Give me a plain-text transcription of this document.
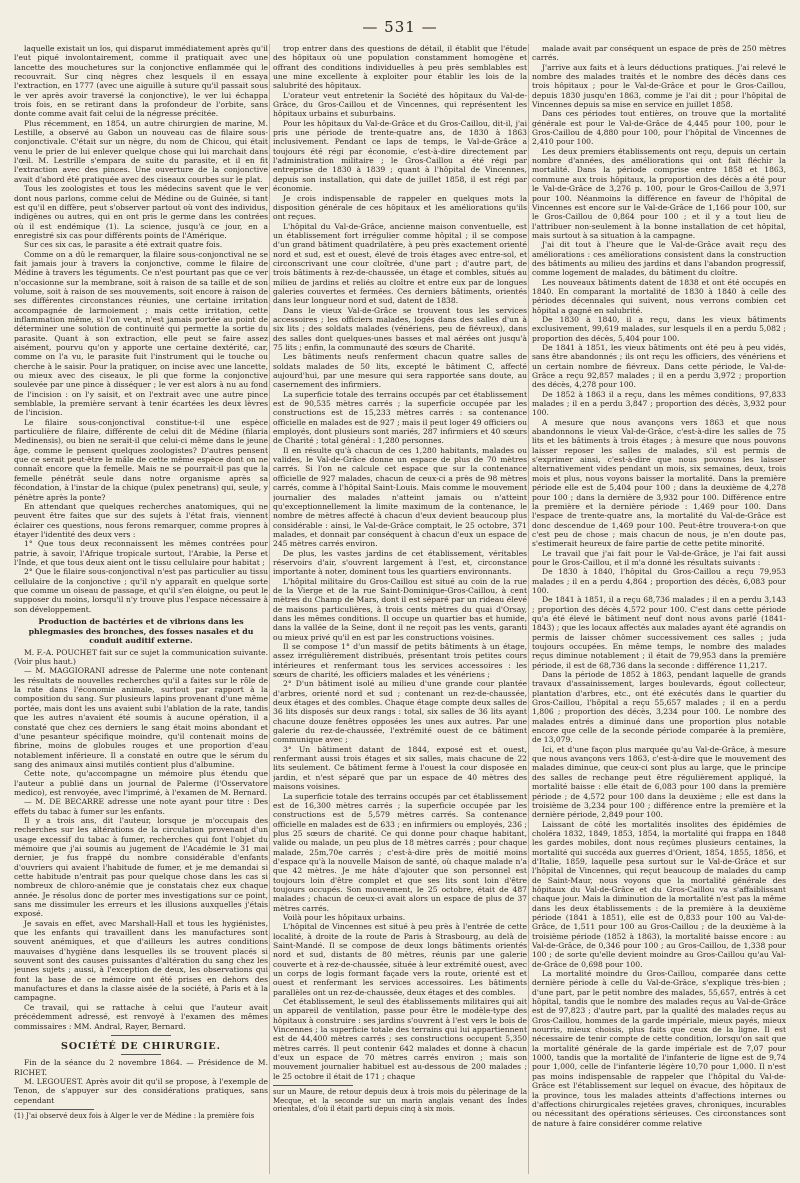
— 531 —

laquelle existait un ïos, qui disparut immédiatement après qu'il l'eut piqué involontairement, comme il pratiquait avec une lancette des mouchetures sur la conjonctive enflammée qui le recouvrait. Sur cinq nègres chez lesquels il en essaya l'extraction, en 1777 (avec une aiguille à suture qu'il passait sous le ver après avoir traversé la conjonctive), le ver lui échappa trois fois, en se retirant dans la profondeur de l'orbite, sans donte comme avait fait celui de la négresse précitée.

Plus récemment, en 1854, un autre chirurgien de marine, M. Lestille, a observé au Gabon un nouveau cas de filaire sous-conjonctivale. C'était sur un nègre, du nom de Chicou, qui était venu le prier de lui enlever quelque chose qui lui marchait dans l'œil. M. Lestrille s'empara de suite du parasite, et il en fit l'extraction avec des pinces. Une ouverture de la conjonctive avait d'abord été pratiquée avec des ciseaux courbes sur le plat.

Tous les zoologistes et tous les médecins savent que le ver dont nous parlons, comme celui de Médine ou de Guinée, si tant est qu'il en diffère, peut s'observer partout où vont des individus, indigènes ou autres, qui en ont pris le germe dans les contrées où il est endémique (1). La science, jusqu'à ce jour, en a enregistré six cas pour différents points de l'Amérique.

Sur ces six cas, le parasite a été extrait quatre fois.

Comme on a dû le remarquer, la filaire sous-conjonctival ne se fait jamais jour à travers la conjonctive, comme le filaire de Médine à travers les téguments. Ce n'est pourtant pas que ce ver n'occasionne sur la membrane, soit à raison de sa taille et de son volume, soit à raison de ses mouvements, soit encore à raison de ses différentes circonstances réunies, une certaine irritation accompagnée de larmoiement ; mais cette irritation, cette inflammation même, si l'on veut, n'est jamais portée au point de déterminer une solution de continuité qui permette la sortie du parasite. Quant à son extraction, elle peut se faire assez aisément, pourvu qu'on y apporte une certaine dextérité, car, comme on l'a vu, le parasite fuit l'instrument qui le touche ou cherche à le saisir. Pour la pratiquer, on incise avec une lancette, ou mieux avec des ciseaux, le pli que forme la conjonctive soulevée par une pince à disséquer ; le ver est alors à nu au fond de l'incision : on l'y saisit, et on l'extrait avec une autre pince semblable, la première servant à tenir écartées les deux lèvres de l'incision.

Le filaire sous-conjonctival constitue-t-il une espèce particulière de filaire, différente de celui dit de Médine (filaria Medinensis), ou bien ne serait-il que celui-ci même dans le jeune âge, comme le pensent quelques zoologistes? D'autres pensent que ce serait peut-être le mâle de cette même espèce dont on ne connaît encore que la femelle. Mais ne se pourrait-il pas que la femelle pénétrât seule dans notre organisme après sa fécondation, à l'instar de la chique (pulex penetrans) qui, seule, y pénètre après la ponte?

En attendant que quelques recherches anatomiques, qui ne peuvent être faites que sur des sujets à l'état frais, viennent éclairer ces questions, nous ferons remarquer, comme propres à étayer l'identité des deux vers :

1° Que tous deux reconnaissent les mêmes contrées pour patrie, à savoir, l'Afrique tropicale surtout, l'Arabie, la Perse et l'Inde, et que tous deux aient ont le tissu cellulaire pour habitat ;

2° Que le filaire sous-conjonctival n'est pas particulier au tissu cellulaire de la conjonctive ; qu'il n'y apparaît en quelque sorte que comme un oiseau de passage, et qu'il s'en éloigne, ou peut le supposer du moins, lorsqu'il n'y trouve plus l'espace nécessaire à son développement.

Production de bactéries et de vibrions dans les phlegmasies des bronches, des fosses nasales et du conduit auditif externe.

M. F.-A. POUCHET fait sur ce sujet la communication suivante. (Voir plus haut.)

— M. MAGGIORANI adresse de Palerme une note contenant les résultats de nouvelles recherches qu'il a faites sur le rôle de la rate dans l'économie animale, surtout par rapport à la composition du sang. Sur plusieurs lapins provenant d'une même portée, mais dont les uns avaient subi l'ablation de la rate, tandis que les autres n'avaient été soumis à aucune opération, il a constaté que chez ces derniers le sang était moins abondant et d'une pesanteur spécifique moindre, qu'il contenait moins de fibrine, moins de globules rouges et une proportion d'eau notablement inférieure. Il a constaté en outre que le sérum du sang des animaux ainsi mutilés contient plus d'albumine.

Cette note, qu'accompagne un mémoire plus étendu que l'auteur a publié dans un journal de Palerme (l'Osservatore medico), est renvoyée, avec l'imprimé, à l'examen de M. Bernard.

— M. DE BECARRE adresse une note ayant pour titre : Des effets du tabac à fumer sur les enfants.

Il y a trois ans, dit l'auteur, lorsque je m'occupais des recherches sur les altérations de la circulation provenant d'un usage excessif du tabac à fumer, recherches qui font l'objet du mémoire que j'ai soumis au jugement de l'Académie le 31 mai dernier, je fus frappé du nombre considérable d'enfants d'ouvriers qui avaient l'habitude de fumer, et je me demandai si cette habitude n'entrait pas pour quelque chose dans les cas si nombreux de chloro-anémie que je constatais chez eux chaque année. Je résolus donc de porter mes investigations sur ce point, sans me dissimuler les erreurs et les illusions auxquelles j'étais exposé.

Je savais en effet, avec Marshall-Hall et tous les hygiénistes, que les enfants qui travaillent dans les manufactures sont souvent anémiques, et que d'ailleurs les autres conditions mauvaises d'hygiène dans lesquelles ils se trouvent placés si souvent sont des causes puissantes d'altération du sang chez les jeunes sujets ; aussi, à l'exception de deux, les observations qui font la base de ce mémoire ont été prises en dehors des manufactures et dans la classe aisée de la société, à Paris et à la campagne.

Ce travail, qui se rattache à celui que l'auteur avait précédemment adressé, est renvoyé à l'examen des mêmes commissaires : MM. Andral, Rayer, Bernard.

SOCIÉTÉ DE CHIRURGIE.

Fin de la séance du 2 novembre 1864. — Présidence de M. RICHET.

M. LEGOUEST. Après avoir dit qu'il se propose, à l'exemple de Tenon, de s'appuyer sur des considérations pratiques, sans cependant

(1) J'ai observé deux fois à Alger le ver de Médine : la première fois

trop entrer dans des questions de détail, il établit que l'étude des hôpitaux où une population constamment homogène et offrant des conditions individuelles à peu près semblables est une mine excellente à exploiter pour établir les lois de la salubrité des hôpitaux.

L'orateur veut entretenir la Société des hôpitaux du Val-de-Grâce, du Gros-Caillou et de Vincennes, qui représentent les hôpitaux urbains et suburbains.

Pour les hôpitaux du Val-de-Grâce et du Gros-Caillou, dit-il, j'ai pris une période de trente-quatre ans, de 1830 à 1863 inclusivement. Pendant ce laps de temps, le Val-de-Grâce a toujours été régi par économie, c'est-à-dire directement par l'administration militaire ; le Gros-Caillou a été régi par entreprise de 1830 à 1839 ; quant à l'hôpital de Vincennes, depuis son installation, qui date de juillet 1858, il est régi par économie.

Je crois indispensable de rappeler en quelques mots la disposition générale de ces hôpitaux et les améliorations qu'ils ont reçues.

L'hôpital du Val-de-Grâce, ancienne maison conventuelle, est un établissement fort irrégulier comme hôpital ; il se compose d'un grand bâtiment quadrilatère, à peu près exactement orienté nord et sud, est et ouest, élevé de trois étages avec entre-sol, et circonscrivant une cour cloîtrée, d'une part ; d'autre part, de trois bâtiments à rez-de-chaussée, un étage et combles, situés au milieu de jardins et reliés au cloître et entre eux par de longues galeries couvertes et fermées. Ces derniers bâtiments, orientés dans leur longueur nord et sud, datent de 1838.

Dans le vieux Val-de-Grâce se trouvent tous les services accessoires ; les officiers malades, logés dans des salles d'un à six lits ; des soldats malades (vénériens, peu de fiévreux), dans des salles dont quelques-unes basses et mal aérées ont jusqu'à 75 lits ; enfin, la communauté des sœurs de Charité.

Les bâtiments neufs renferment chacun quatre salles de soldats malades de 50 lits, excepté le bâtiment C, affecté aujourd'hui, par une mesure qui sera rapportée sans doute, au casernement des infirmiers.

La superficie totale des terrains occupés par cet établissement est de 90,535 mètres carrés ; la superficie occupée par les constructions est de 15,233 mètres carrés : sa contenance officielle en malades est de 927 ; mais il peut loger 49 officiers ou employés, dont plusieurs sont mariés, 287 infirmiers et 40 sœurs de Charité ; total général : 1,280 personnes.

Il en résulte qu'à chacun de ces 1,280 habitants, malades ou valides, le Val-de-Grâce donne un espace de plus de 70 mètres carrés. Si l'on ne calcule cet espace que sur la contenance officielle de 927 malades, chacun de ceux-ci a près de 98 mètres carrés, comme à l'hôpital Saint-Louis. Mais comme le mouvement journalier des malades n'atteint jamais ou n'atteint qu'exceptionnellement la limite maximum de la contenance, le nombre de mètres affecté à chacun d'eux devient beaucoup plus considérable : ainsi, le Val-de-Grâce comptait, le 25 octobre, 371 malades, et donnait par conséquent à chacun d'eux un espace de 245 mètres carrés environ.

De plus, les vastes jardins de cet établissement, véritables réservoirs d'air, s'ouvrent largement à l'est, et, circonstance importante à noter, dominent tous les quartiers environnants.

L'hôpital militaire du Gros-Caillou est situé au coin de la rue de la Vierge et de la rue Saint-Dominique-Gros-Caillou, à cent mètres du Champ de Mars, dont il est séparé par un rideau élevé de maisons particulières, à trois cents mètres du quai d'Orsay, dans les mêmes conditions. Il occupe un quartier bas et humide, dans la vallée de la Seine, dont il ne reçoit pas les vents, garanti ou mieux privé qu'il en est par les constructions voisines.

Il se compose 1° d'un massif de petits bâtiments à un étage, assez irrégulièrement distribués, présentant trois petites cours intérieures et renfermant tous les services accessoires : les sœurs de charité, les officiers malades et les vénériens ;

2° D'un bâtiment isolé au milieu d'une grande cour plantée d'arbres, orienté nord et sud ; contenant un rez-de-chaussée, deux étages et des combles. Chaque étage compte deux salles de 36 lits disposés sur deux rangs : total, six salles de 36 lits ayant chacune douze fenêtres opposées les unes aux autres. Par une galerie du rez-de-chaussée, l'extrémité ouest de ce bâtiment communique avec ;

3° Un bâtiment datant de 1844, exposé est et ouest, renfermant aussi trois étages et six salles, mais chacune de 22 lits seulement. Ce bâtiment ferme à l'ouest la cour disposée en jardin, et n'est séparé que par un espace de 40 mètres des maisons voisines.

La superficie totale des terrains occupés par cet établissement est de 16,300 mètres carrés ; la superficie occupée par les constructions est de 5,579 mètres carrés. Sa contenance officielle en malades est de 633 ; en infirmiers ou employés, 236 ; plus 25 sœurs de charité. Ce qui donne pour chaque habitant, valide ou malade, un peu plus de 18 mètres carrés ; pour chaque malade, 25m,70e carrés ; c'est-à-dire près de moitié moins d'espace qu'à la nouvelle Maison de santé, où chaque malade n'a que 42 mètres. Je me hâte d'ajouter que son personnel est toujours loin d'être complet et que ses lits sont loin d'être toujours occupés. Son mouvement, le 25 octobre, était de 487 malades ; chacun de ceux-ci avait alors un espace de plus de 37 mètres carrés.

Voilà pour les hôpitaux urbains.

L'hôpital de Vincennes est situé à peu près à l'entrée de cette localité, à droite de la route de Paris à Strasbourg, au delà de Saint-Mandé. Il se compose de deux longs bâtiments orientés nord et sud, distants de 80 mètres, réunis par une galerie couverte et à rez-de-chaussée, située à leur extrémité ouest, avec un corps de logis formant façade vers la route, orienté est et ouest et renfermant les services accessoires. Les bâtiments parallèles ont un rez-de-chaussée, deux étages et des combles.

Cet établissement, le seul des établissements militaires qui ait un appareil de ventilation, passe pour être le modèle-type des hôpitaux à construire : ses jardins s'ouvrent à l'est vers le bois de Vincennes ; la superficie totale des terrains qui lui appartiennent est de 44,400 mètres carrés ; ses constructions occupent 5,350 mètres carrés. Il peut contenir 642 malades et donne à chacun d'eux un espace de 70 mètres carrés environ ; mais son mouvement journalier habituel est au-dessous de 200 malades ; le 25 octobre il était de 171 ; chaque

sur un Maure, de retour depuis deux à trois mois du pèlerinage de la Mecque, et la seconde sur un marin anglais venant des Indes orientales, d'où il était parti depuis cinq à six mois.

malade avait par conséquent un espace de près de 250 mètres carrés.

J'arrive aux faits et à leurs déductions pratiques. J'ai relevé le nombre des malades traités et le nombre des décès dans ces trois hôpitaux ; pour le Val-de-Grâce et pour le Gros-Caillou, depuis 1830 jusqu'en 1863, comme je l'ai dit ; pour l'hôpital de Vincennes depuis sa mise en service en juillet 1858.

Dans ces périodes tout entières, on trouve que la mortalité générale est pour le Val-de-Grâce de 4,445 pour 100, pour le Gros-Caillou de 4,880 pour 100, pour l'hôpital de Vincennes de 2,410 pour 100.

Les deux premiers établissements ont reçu, depuis un certain nombre d'années, des améliorations qui ont fait fléchir la mortalité. Dans la période comprise entre 1858 et 1863, commune aux trois hôpitaux, la proportion des décès a été pour le Val-de-Grâce de 3,276 p. 100, pour le Gros-Caillou de 3,971 pour 100. Néanmoins la différence en faveur de l'hôpital de Vincennes est encore sur le Val-de-Grâce de 1,166 pour 100, sur le Gros-Caillou de 0,864 pour 100 ; et il y a tout lieu de l'attribuer non-seulement à la bonne installation de cet hôpital, mais surtout à sa situation à la campagne.

J'ai dit tout à l'heure que le Val-de-Grâce avait reçu des améliorations : ces améliorations consistent dans la construction des bâtiments au milieu des jardins et dans l'abandon progressif, comme logement de malades, du bâtiment du cloître.

Les nouveaux bâtiments datent de 1838 et ont été occupés en 1840. En comparant la mortalité de 1830 à 1840 à celle des périodes décennales qui suivent, nous verrons combien cet hôpital a gagné en salubrité.

De 1830 à 1840, il a reçu, dans les vieux bâtiments exclusivement, 99,619 malades, sur lesquels il en a perdu 5,082 ; proportion des décès, 5,404 pour 100.

De 1841 à 1851, les vieux bâtiments ont été peu à peu vidés, sans être abandonnés ; ils ont reçu les officiers, des vénériens et un certain nombre de fiévreux. Dans cette période, le Val-de-Grâce a reçu 92,857 malades ; il en a perdu 3,972 ; proportion des décès, 4,278 pour 100.

De 1852 à 1863 il a reçu, dans les mêmes conditions, 97,833 malades ; il en a perdu 3,847 ; proportion des décès, 3,932 pour 100.

A mesure que nous avançons vers 1863 et que nous abandonnons le vieux Val-de-Grâce, c'est-à-dire les salles de 75 lits et les bâtiments à trois étages ; à mesure que nous pouvons laisser reposer les salles de malades, s'il est permis de s'exprimer ainsi, c'est-à-dire que nous pouvons les laisser alternativement vides pendant un mois, six semaines, deux, trois mois et plus, nous voyons baisser la mortalité. Dans la première période elle est de 5,404 pour 100 ; dans la deuxième de 4,278 pour 100 ; dans la dernière de 3,932 pour 100. Différence entre la première et la dernière période : 1,469 pour 100. Dans l'espace de trente-quatre ans, la mortalité du Val-de-Grâce est donc descendue de 1,469 pour 100. Peut-être trouvera-t-on que c'est peu de chose ; mais chacun de nous, je n'en doute pas, s'estimerait heureux de faire partie de cette petite minorité.

Le travail que j'ai fait pour le Val-de-Grâce, je l'ai fait aussi pour le Gros-Caillou, et il m'a donné les résultats suivants :

De 1830 à 1840, l'hôpital du Gros-Caillou a reçu 79,953 malades ; il en a perdu 4,864 ; proportion des décès, 6,083 pour 100.

De 1841 à 1851, il a reçu 68,736 malades ; il en a perdu 3,143 ; proportion des décès 4,572 pour 100. C'est dans cette période qu'a été élevé le bâtiment neuf dont nous avons parlé (1841-1843) ; que les locaux affectés aux malades ayant été agrandis on permis de laisser chômer successivement ces salles ; juda toujours occupées. En même temps, le nombre des malades reçus diminue notablement ; il était de 79,953 dans la première période, il est de 68,736 dans la seconde : différence 11,217.

Dans la période de 1852 à 1863, pendant laquelle de grands travaux d'assainissement, larges boulevards, égout collecteur, plantation d'arbres, etc., ont été exécutés dans le quartier du Gros-Caillou, l'hôpital a reçu 55,657 malades ; il en a perdu 1,806 ; proportion des décès, 3,234 pour 100. Le nombre des malades entrés a diminué dans une proportion plus notable encore que celle de la seconde période comparée à la première, de 13,079.

Ici, et d'une façon plus marquée qu'au Val-de-Grâce, à mesure que nous avançons vers 1863, c'est-à-dire que le mouvement des malades diminue, que ceux-ci sont plus au large, que le principe des salles de rechange peut être régulièrement appliqué, la mortalité baisse : elle était de 6,083 pour 100 dans la première période ; de 4,572 pour 100 dans la deuxième ; elle est dans la troisième de 3,234 pour 100 ; différence entre la première et la dernière période, 2,849 pour 100.

Laissant de côté les mortalités insolites des épidémies de choléra 1832, 1849, 1853, 1854, la mortalité qui frappa en 1848 les gardes mobiles, dont nous reçûmes plusieurs centaines, la mortalité qui succéda aux guerres d'Orient, 1854, 1855, 1856, et d'Italie, 1859, laquelle pesa surtout sur le Val-de-Grâce et sur l'hôpital de Vincennes, qui reçut beaucoup de malades du camp de Saint-Maur, nous voyons que la mortalité générale des hôpitaux du Val-de-Grâce et du Gros-Caillou va s'affaiblissant chaque jour. Mais la diminution de la mortalité n'est pas la même dans les deux établissements : de la première à la deuxième période (1841 à 1851), elle est de 0,833 pour 100 au Val-de-Grâce, de 1,511 pour 100 au Gros-Caillou ; de la deuxième à la troisième période (1852 à 1863), la mortalité baisse encore : au Val-de-Grâce, de 0,346 pour 100 ; au Gros-Caillou, de 1,338 pour 100 ; de sorte qu'elle devient moindre au Gros-Caillou qu'au Val-de-Grâce de 0,698 pour 100.

La mortalité moindre du Gros-Caillou, comparée dans cette dernière période à celle du Val-de-Grâce, s'explique très-bien ; d'une part, par le petit nombre des malades, 55,657, entrés à cet hôpital, tandis que le nombre des malades reçus au Val-de-Grâce est de 97,823 ; d'autre part, par la qualité des malades reçus au Gros-Caillou, hommes de la garde impériale, mieux payés, mieux nourris, mieux choisis, plus faits que ceux de la ligne. Il est nécessaire de tenir compte de cette condition, lorsqu'on sait que la mortalité générale de la garde impériale est de 7,07 pour 1000, tandis que la mortalité de l'infanterie de ligne est de 9,74 pour 1,000, celle de l'infanterie légère 10,70 pour 1,000. Il n'est pas moins indispensable de rappeler que l'hôpital du Val-de-Grâce est l'établissement sur lequel on évacue, des hôpitaux de la province, tous les malades atteints d'affections internes ou d'affections chirurgicales rejetées graves, chroniques, incurables ou nécessitant des opérations sérieuses. Ces circonstances sont de nature à faire considérer comme relative
